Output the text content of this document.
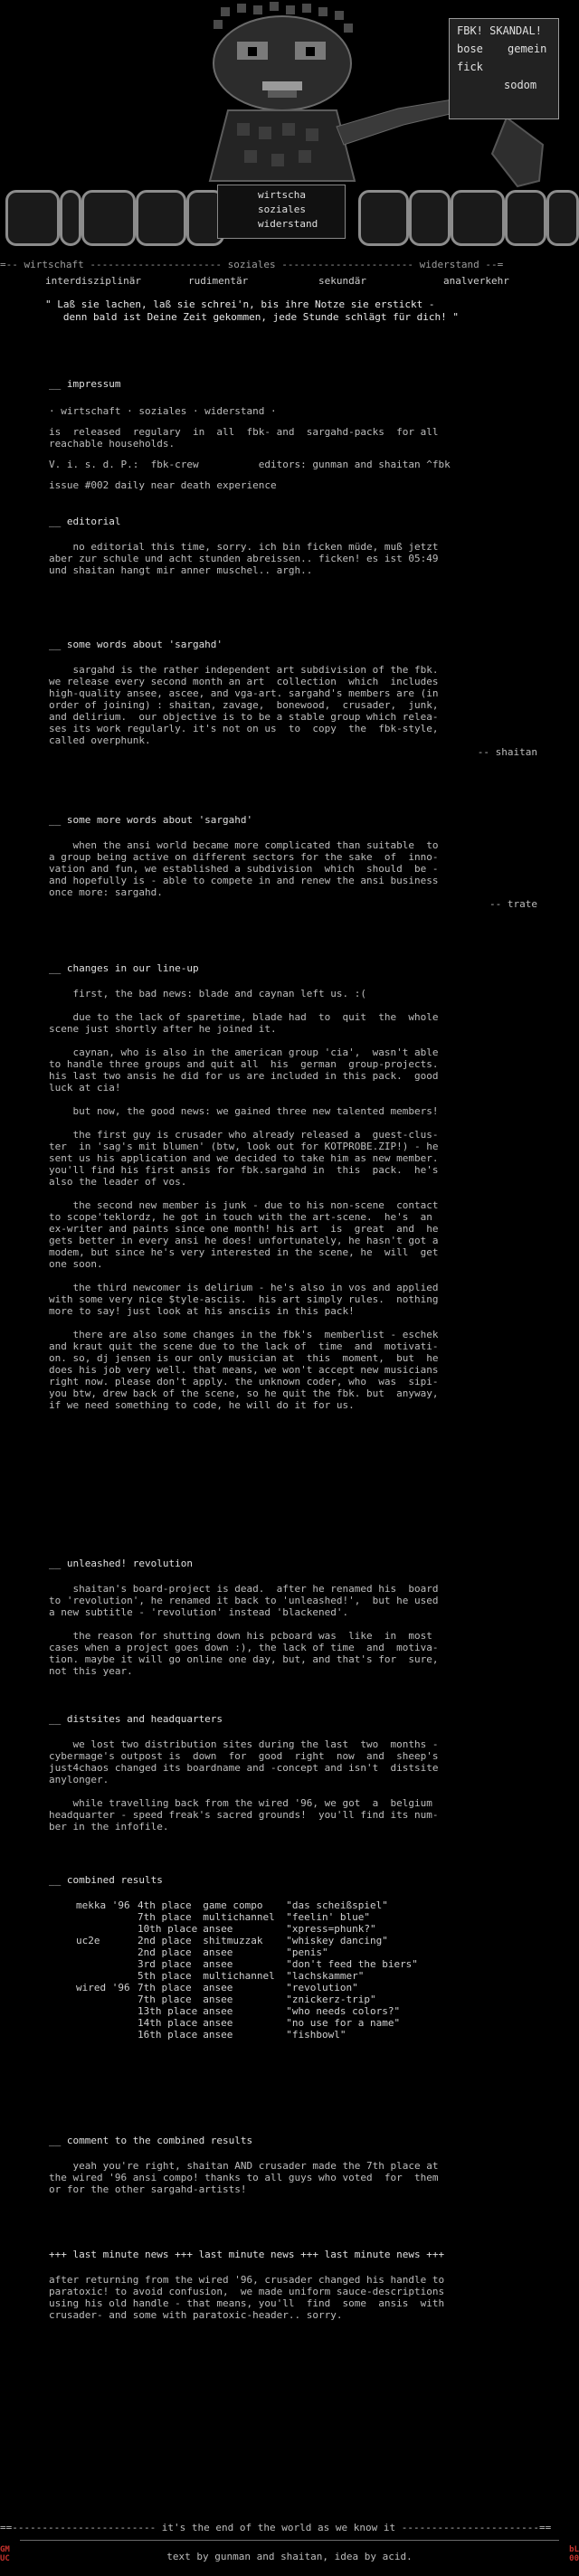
FBK! SKANDAL!
bose gemein
fick
sodom
wirtscha
soziales
widerstand
=-- wirtschaft ---------------------- soziales ---------------------- widerstand --=
interdisziplinär	rudimentär	sekundär	analverkehr
" Laß sie lachen, laß sie schrei'n, bis ihre Notze sie erstickt -
denn bald ist Deine Zeit gekommen, jede Stunde schlägt für dich! "
__ impressum

· wirtschaft · soziales · widerstand ·

is  released  regulary  in  all  fbk- and  sargahd-packs  for all
reachable households.

V. i. s. d. P.:  fbk-crew          editors: gunman and shaitan ^fbk

issue #002 daily near death experience

__ editorial

no editorial this time, sorry. ich bin ficken müde, muß jetzt
aber zur schule und acht stunden abreissen.. ficken! es ist 05:49
und shaitan hangt mir anner muschel.. argh..

__ some words about 'sargahd'

sargahd is the rather independent art subdivision of the fbk.
we release every second month an art  collection  which  includes
high-quality ansee, ascee, and vga-art. sargahd's members are (in
order of joining) : shaitan, zavage,  bonewood,  crusader,  junk,
and delirium.  our objective is to be a stable group which relea-
ses its work regularly. it's not on us  to  copy  the  fbk-style,
called overphunk.

-- shaitan
__ some more words about 'sargahd'

when the ansi world became more complicated than suitable  to
a group being active on different sectors for the sake  of  inno-
vation and fun, we established a subdivision  which  should  be -
and hopefully is - able to compete in and renew the ansi business
once more: sargahd.

-- trate
__ changes in our line-up

first, the bad news: blade and caynan left us. :(

due to the lack of sparetime, blade had  to  quit  the  whole
scene just shortly after he joined it.

caynan, who is also in the american group 'cia',  wasn't able
to handle three groups and quit all  his  german  group-projects.
his last two ansis he did for us are included in this pack.  good
luck at cia!

but now, the good news: we gained three new talented members!

the first guy is crusader who already released a  guest-clus-
ter  in 'sag's mit blumen' (btw, look out for KOTPROBE.ZIP!) - he
sent us his application and we decided to take him as new member.
you'll find his first ansis for fbk.sargahd in  this  pack.  he's
also the leader of vos.

the second new member is junk - due to his non-scene  contact
to scope'teklordz, he got in touch with the art-scene.  he's  an
ex-writer and paints since one month! his art  is  great  and  he
gets better in every ansi he does! unfortunately, he hasn't got a
modem, but since he's very interested in the scene, he  will  get
one soon.

the third newcomer is delirium - he's also in vos and applied
with some very nice $tyle-asciis.  his art simply rules.  nothing
more to say! just look at his ansciis in this pack!

there are also some changes in the fbk's  memberlist - eschek
and kraut quit the scene due to the lack of  time  and  motivati-
on. so, dj jensen is our only musician at  this  moment,  but  he
does his job very well. that means, we won't accept new musicians
right now. please don't apply. the unknown coder, who  was  sipi-
you btw, drew back of the scene, so he quit the fbk. but  anyway,
if we need something to code, he will do it for us.

__ unleashed! revolution

shaitan's board-project is dead.  after he renamed his  board
to 'revolution', he renamed it back to 'unleashed!',  but he used
a new subtitle - 'revolution' instead 'blackened'.

the reason for shutting down his pcboard was  like  in  most
cases when a project goes down :), the lack of time  and  motiva-
tion. maybe it will go online one day, but, and that's for  sure,
not this year.

__ distsites and headquarters

we lost two distribution sites during the last  two  months -
cybermage's outpost is  down  for  good  right  now  and  sheep's
just4chaos changed its boardname and -concept and isn't  distsite
anylonger.

while travelling back from the wired '96, we got  a  belgium
headquarter - speed freak's sacred grounds!  you'll find its num-
ber in the infofile.

__ combined results
mekka '96	4th place	game compo	"das scheißspiel"
	7th place	multichannel	"feelin' blue"
	10th place	ansee	"xpress=phunk?"

uc2e	2nd place	shitmuzzak	"whiskey dancing"
	2nd place	ansee	"penis"
	3rd place	ansee	"don't feed the biers"
	5th place	multichannel	"lachskammer"

wired '96	7th place	ansee	"revolution"
	7th place	ansee	"znickerz-trip"
	13th place	ansee	"who needs colors?"
	14th place	ansee	"no use for a name"
	16th place	ansee	"fishbowl"
__ comment to the combined results

yeah you're right, shaitan AND crusader made the 7th place at
the wired '96 ansi compo! thanks to all guys who voted  for  them
or for the other sargahd-artists!

+++ last minute news +++ last minute news +++ last minute news +++

after returning from the wired '96, crusader changed his handle to
paratoxic! to avoid confusion,  we made uniform sauce-descriptions
using his old handle - that means, you'll  find  some  ansis  with
crusader- and some with paratoxic-header.. sorry.

==------------------------ it's the end of the world as we know it -----------------------==
text by gunman and shaitan, idea by acid.
GM
UC
bL
00
